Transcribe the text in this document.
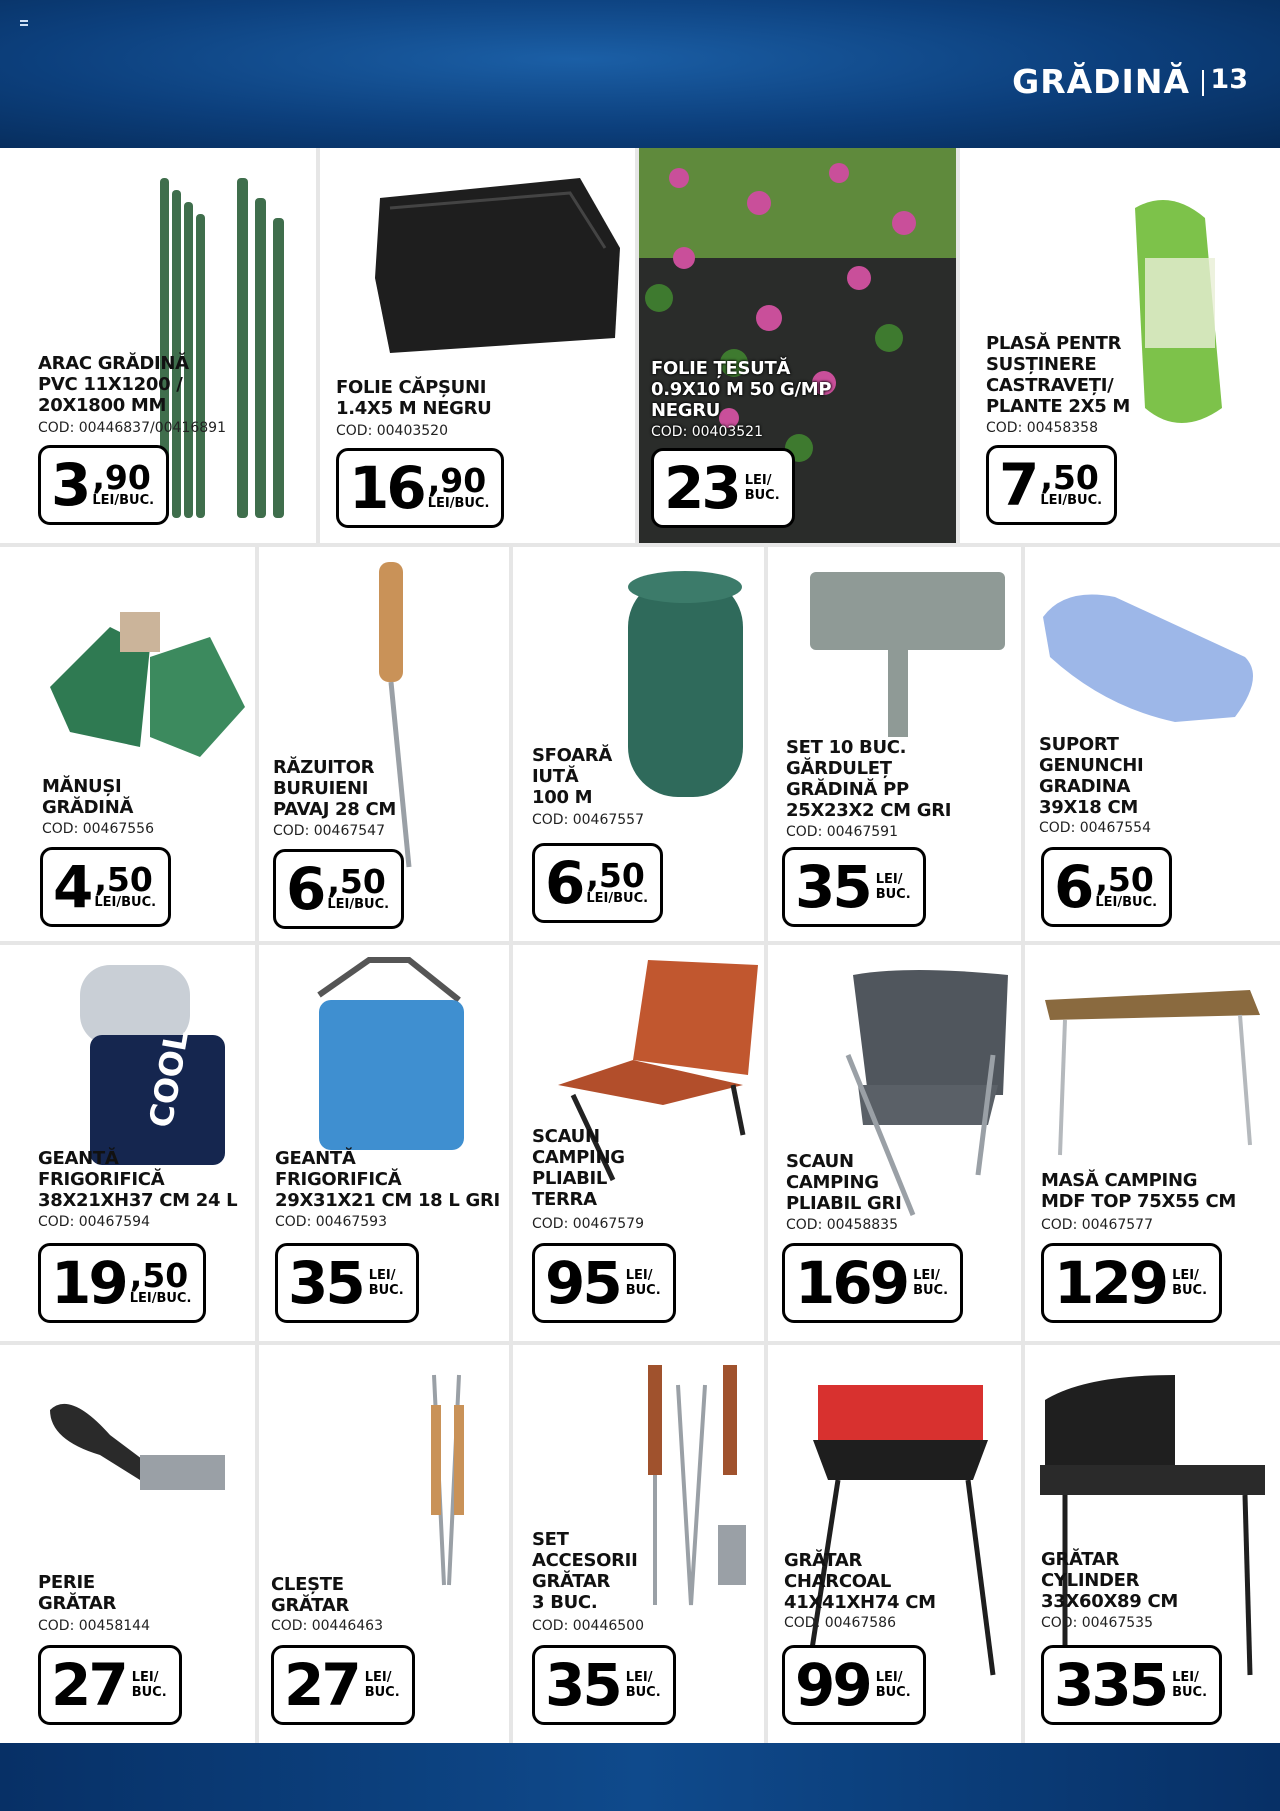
GRĂDINĂ 13
ARAC GRĂDINĂ
PVC 11X1200 /
20X1800 MM
COD: 00446837/00416891
3 , 90
LEI/BUC.
FOLIE CĂPȘUNI
1.4X5 M NEGRU
COD: 00403520
16 , 90
LEI/BUC.
FOLIE ȚESUTĂ
0.9X10 M 50 G/MP
NEGRU
COD: 00403521
23 LEI/
BUC.
PLASĂ PENTR
SUSȚINERE
CASTRAVEȚI/
PLANTE 2X5 M
COD: 00458358
7 , 50
LEI/BUC.
MĂNUȘI
GRĂDINĂ
COD: 00467556
4 , 50
LEI/BUC.
RĂZUITOR
BURUIENI
PAVAJ 28 CM
COD: 00467547
6 , 50
LEI/BUC.
SFOARĂ
IUTĂ
100 M
COD: 00467557
6 , 50
LEI/BUC.
SET 10 BUC.
GĂRDULEȚ
GRĂDINĂ PP
25X23X2 CM GRI
COD: 00467591
35 LEI/
BUC.
SUPORT
GENUNCHI
GRADINA
39X18 CM
COD: 00467554
6 , 50
LEI/BUC.
COOL
GEANTĂ
FRIGORIFICĂ
38X21XH37 CM 24 L
COD: 00467594
19 , 50
LEI/BUC.
GEANTĂ
FRIGORIFICĂ
29X31X21 CM 18 L GRI
COD: 00467593
35 LEI/
BUC.
SCAUN
CAMPING
PLIABIL
TERRA
COD: 00467579
95 LEI/
BUC.
SCAUN
CAMPING
PLIABIL GRI
COD: 00458835
169 LEI/
BUC.
MASĂ CAMPING
MDF TOP 75X55 CM
COD: 00467577
129 LEI/
BUC.
PERIE
GRĂTAR
COD: 00458144
27 LEI/
BUC.
CLEȘTE
GRĂTAR
COD: 00446463
27 LEI/
BUC.
SET
ACCESORII
GRĂTAR
3 BUC.
COD: 00446500
35 LEI/
BUC.
GRĂTAR
CHARCOAL
41X41XH74 CM
COD: 00467586
99 LEI/
BUC.
GRĂTAR
CYLINDER
33X60X89 CM
COD: 00467535
335 LEI/
BUC.
